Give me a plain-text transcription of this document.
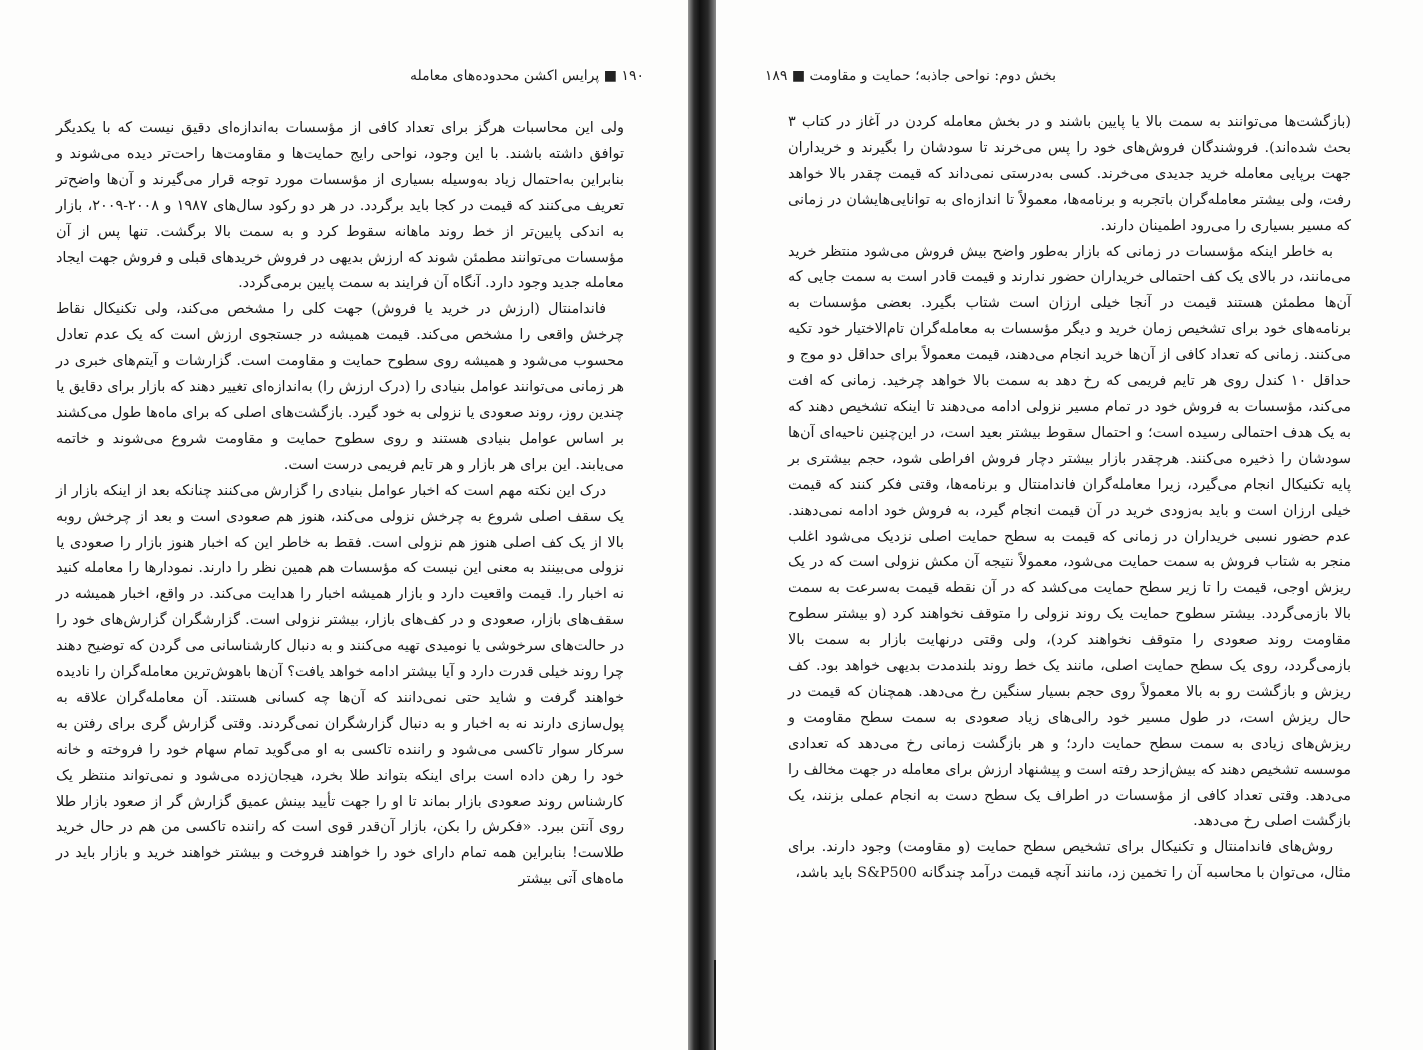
۱۹۰ ■ پرایس اکشن محدوده‌های معامله

ولی این محاسبات هرگز برای تعداد کافی از مؤسسات به‌اندازه‌ای دقیق نیست که با یکدیگر توافق داشته باشند. با این وجود، نواحی رایج حمایت‌ها و مقاومت‌ها راحت‌تر دیده می‌شوند و بنابراین به‌احتمال زیاد به‌وسیله بسیاری از مؤسسات مورد توجه قرار می‌گیرند و آن‌ها واضح‌تر تعریف می‌کنند که قیمت در کجا باید برگردد. در هر دو رکود سال‌های ۱۹۸۷ و ۲۰۰۸-۲۰۰۹، بازار به اندکی پایین‌تر از خط روند ماهانه سقوط کرد و به سمت بالا برگشت. تنها پس از آن مؤسسات می‌توانند مطمئن شوند که ارزش بدیهی در فروش خریدهای قبلی و فروش جهت ایجاد معامله جدید وجود دارد. آنگاه آن فرایند به سمت پایین برمی‌گردد.

فاندامنتال (ارزش در خرید یا فروش) جهت کلی را مشخص می‌کند، ولی تکنیکال نقاط چرخش واقعی را مشخص می‌کند. قیمت همیشه در جستجوی ارزش است که یک عدم تعادل محسوب می‌شود و همیشه روی سطوح حمایت و مقاومت است. گزارشات و آیتم‌های خبری در هر زمانی می‌توانند عوامل بنیادی را (درک ارزش را) به‌اندازه‌ای تغییر دهند که بازار برای دقایق یا چندین روز، روند صعودی یا نزولی به خود گیرد. بازگشت‌های اصلی که برای ماه‌ها طول می‌کشند بر اساس عوامل بنیادی هستند و روی سطوح حمایت و مقاومت شروع می‌شوند و خاتمه می‌یابند. این برای هر بازار و هر تایم فریمی درست است.

درک این نکته مهم است که اخبار عوامل بنیادی را گزارش می‌کنند چنانکه بعد از اینکه بازار از یک سقف اصلی شروع به چرخش نزولی می‌کند، هنوز هم صعودی است و بعد از چرخش روبه بالا از یک کف اصلی هنوز هم نزولی است. فقط به خاطر این که اخبار هنوز بازار را صعودی یا نزولی می‌بینند به معنی این نیست که مؤسسات هم همین نظر را دارند. نمودارها را معامله کنید نه اخبار را. قیمت واقعیت دارد و بازار همیشه اخبار را هدایت می‌کند. در واقع، اخبار همیشه در سقف‌های بازار، صعودی و در کف‌های بازار، بیشتر نزولی است. گزارشگران گزارش‌های خود را در حالت‌های سرخوشی یا نومیدی تهیه می‌کنند و به دنبال کارشناسانی می گردن که توضیح دهند چرا روند خیلی قدرت دارد و آیا بیشتر ادامه خواهد یافت؟ آن‌ها باهوش‌ترین معامله‌گران را نادیده خواهند گرفت و شاید حتی نمی‌دانند که آن‌ها چه کسانی هستند. آن معامله‌گران علاقه به پول‌سازی دارند نه به اخبار و به دنبال گزارشگران نمی‌گردند. وقتی گزارش گری برای رفتن به سرکار سوار تاکسی می‌شود و راننده تاکسی به او می‌گوید تمام سهام خود را فروخته و خانه خود را رهن داده است برای اینکه بتواند طلا بخرد، هیجان‌زده می‌شود و نمی‌تواند منتظر یک کارشناس روند صعودی بازار بماند تا او را جهت تأیید بینش عمیق گزارش گر از صعود بازار طلا روی آنتن ببرد. «فکرش را بکن، بازار آن‌قدر قوی است که راننده تاکسی من هم در حال خرید طلاست! بنابراین همه تمام دارای خود را خواهند فروخت و بیشتر خواهند خرید و بازار باید در ماه‌های آتی بیشتر

بخش دوم: نواحی جاذبه؛ حمایت و مقاومت ■ ۱۸۹

(بازگشت‌ها می‌توانند به سمت بالا یا پایین باشند و در بخش معامله کردن در آغاز در کتاب ۳ بحث شده‌اند). فروشندگان فروش‌های خود را پس می‌خرند تا سودشان را بگیرند و خریداران جهت برپایی معامله خرید جدیدی می‌خرند. کسی به‌درستی نمی‌داند که قیمت چقدر بالا خواهد رفت، ولی بیشتر معامله‌گران باتجربه و برنامه‌ها، معمولاً تا اندازه‌ای به توانایی‌هایشان در زمانی که مسیر بسیاری را می‌رود اطمینان دارند.

به خاطر اینکه مؤسسات در زمانی که بازار به‌طور واضح بیش فروش می‌شود منتظر خرید می‌مانند، در بالای یک کف احتمالی خریداران حضور ندارند و قیمت قادر است به سمت جایی که آن‌ها مطمئن هستند قیمت در آنجا خیلی ارزان است شتاب بگیرد. بعضی مؤسسات به برنامه‌های خود برای تشخیص زمان خرید و دیگر مؤسسات به معامله‌گران تام‌الاختیار خود تکیه می‌کنند. زمانی که تعداد کافی از آن‌ها خرید انجام می‌دهند، قیمت معمولاً برای حداقل دو موج و حداقل ۱۰ کندل روی هر تایم فریمی که رخ دهد به سمت بالا خواهد چرخید. زمانی که افت می‌کند، مؤسسات به فروش خود در تمام مسیر نزولی ادامه می‌دهند تا اینکه تشخیص دهند که به یک هدف احتمالی رسیده است؛ و احتمال سقوط بیشتر بعید است، در این‌چنین ناحیه‌ای آن‌ها سودشان را ذخیره می‌کنند. هرچقدر بازار بیشتر دچار فروش افراطی شود، حجم بیشتری بر پایه تکنیکال انجام می‌گیرد، زیرا معامله‌گران فاندامنتال و برنامه‌ها، وقتی فکر کنند که قیمت خیلی ارزان است و باید به‌زودی خرید در آن قیمت انجام گیرد، به فروش خود ادامه نمی‌دهند. عدم حضور نسبی خریداران در زمانی که قیمت به سطح حمایت اصلی نزدیک می‌شود اغلب منجر به شتاب فروش به سمت حمایت می‌شود، معمولاً نتیجه آن مکش نزولی است که در یک ریزش اوجی، قیمت را تا زیر سطح حمایت می‌کشد که در آن نقطه قیمت به‌سرعت به سمت بالا بازمی‌گردد. بیشتر سطوح حمایت یک روند نزولی را متوقف نخواهند کرد (و بیشتر سطوح مقاومت روند صعودی را متوقف نخواهند کرد)، ولی وقتی درنهایت بازار به سمت بالا بازمی‌گردد، روی یک سطح حمایت اصلی، مانند یک خط روند بلندمدت بدیهی خواهد بود. کف ریزش و بازگشت رو به بالا معمولاً روی حجم بسیار سنگین رخ می‌دهد. همچنان که قیمت در حال ریزش است، در طول مسیر خود رالی‌های زیاد صعودی به سمت سطح مقاومت و ریزش‌های زیادی به سمت سطح حمایت دارد؛ و هر بازگشت زمانی رخ می‌دهد که تعدادی موسسه تشخیص دهند که بیش‌ازحد رفته است و پیشنهاد ارزش برای معامله در جهت مخالف را می‌دهد. وقتی تعداد کافی از مؤسسات در اطراف یک سطح دست به انجام عملی بزنند، یک بازگشت اصلی رخ می‌دهد.

روش‌های فاندامنتال و تکنیکال برای تشخیص سطح حمایت (و مقاومت) وجود دارند. برای مثال، می‌توان با محاسبه آن را تخمین زد، مانند آنچه قیمت درآمد چندگانه S&P500 باید باشد،
